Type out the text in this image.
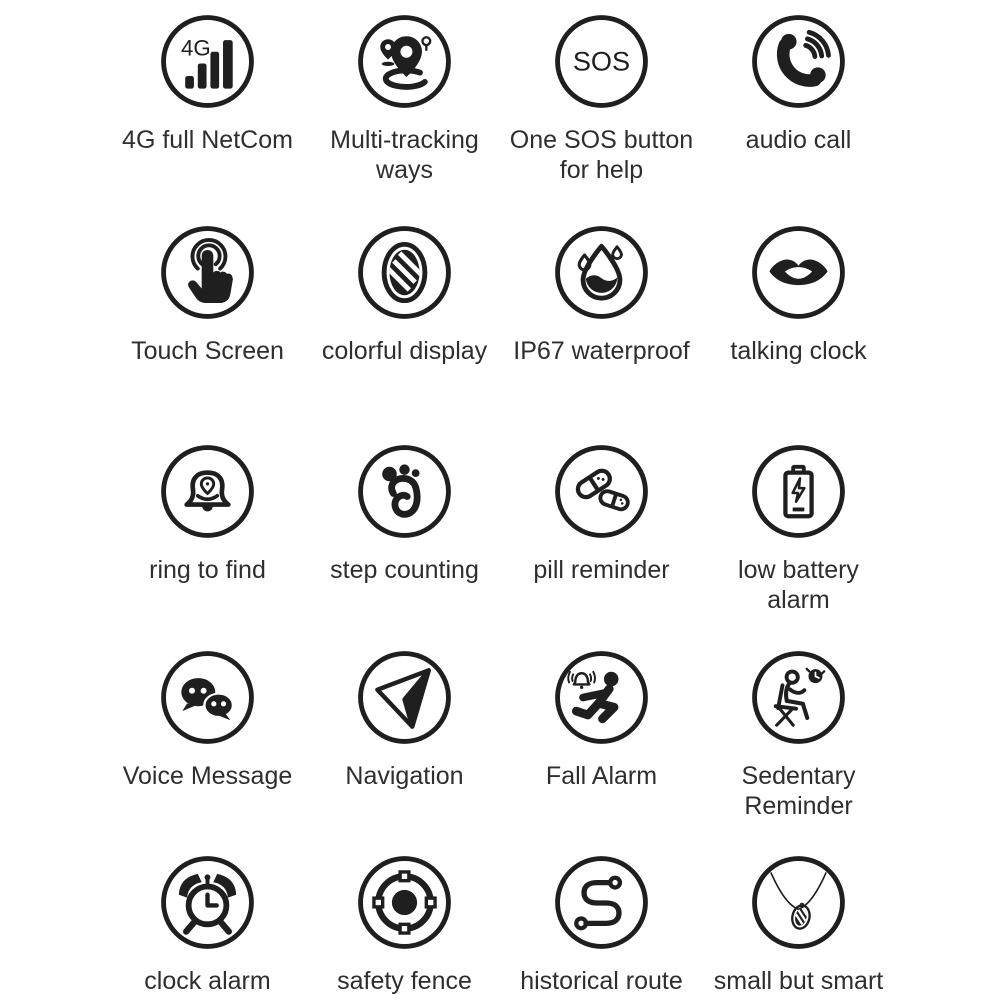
4G
4G full NetCom	Multi-tracking ways
SOS
One SOS button for help
audio call
Touch Screen colorful display IP67 waterproof talking clock
ring to find	step counting pill reminder	low battery alarm
Voice Message Navigation	Fall Alarm	Sedentary Reminder
clock alarm	safety fence historical route small but smart
